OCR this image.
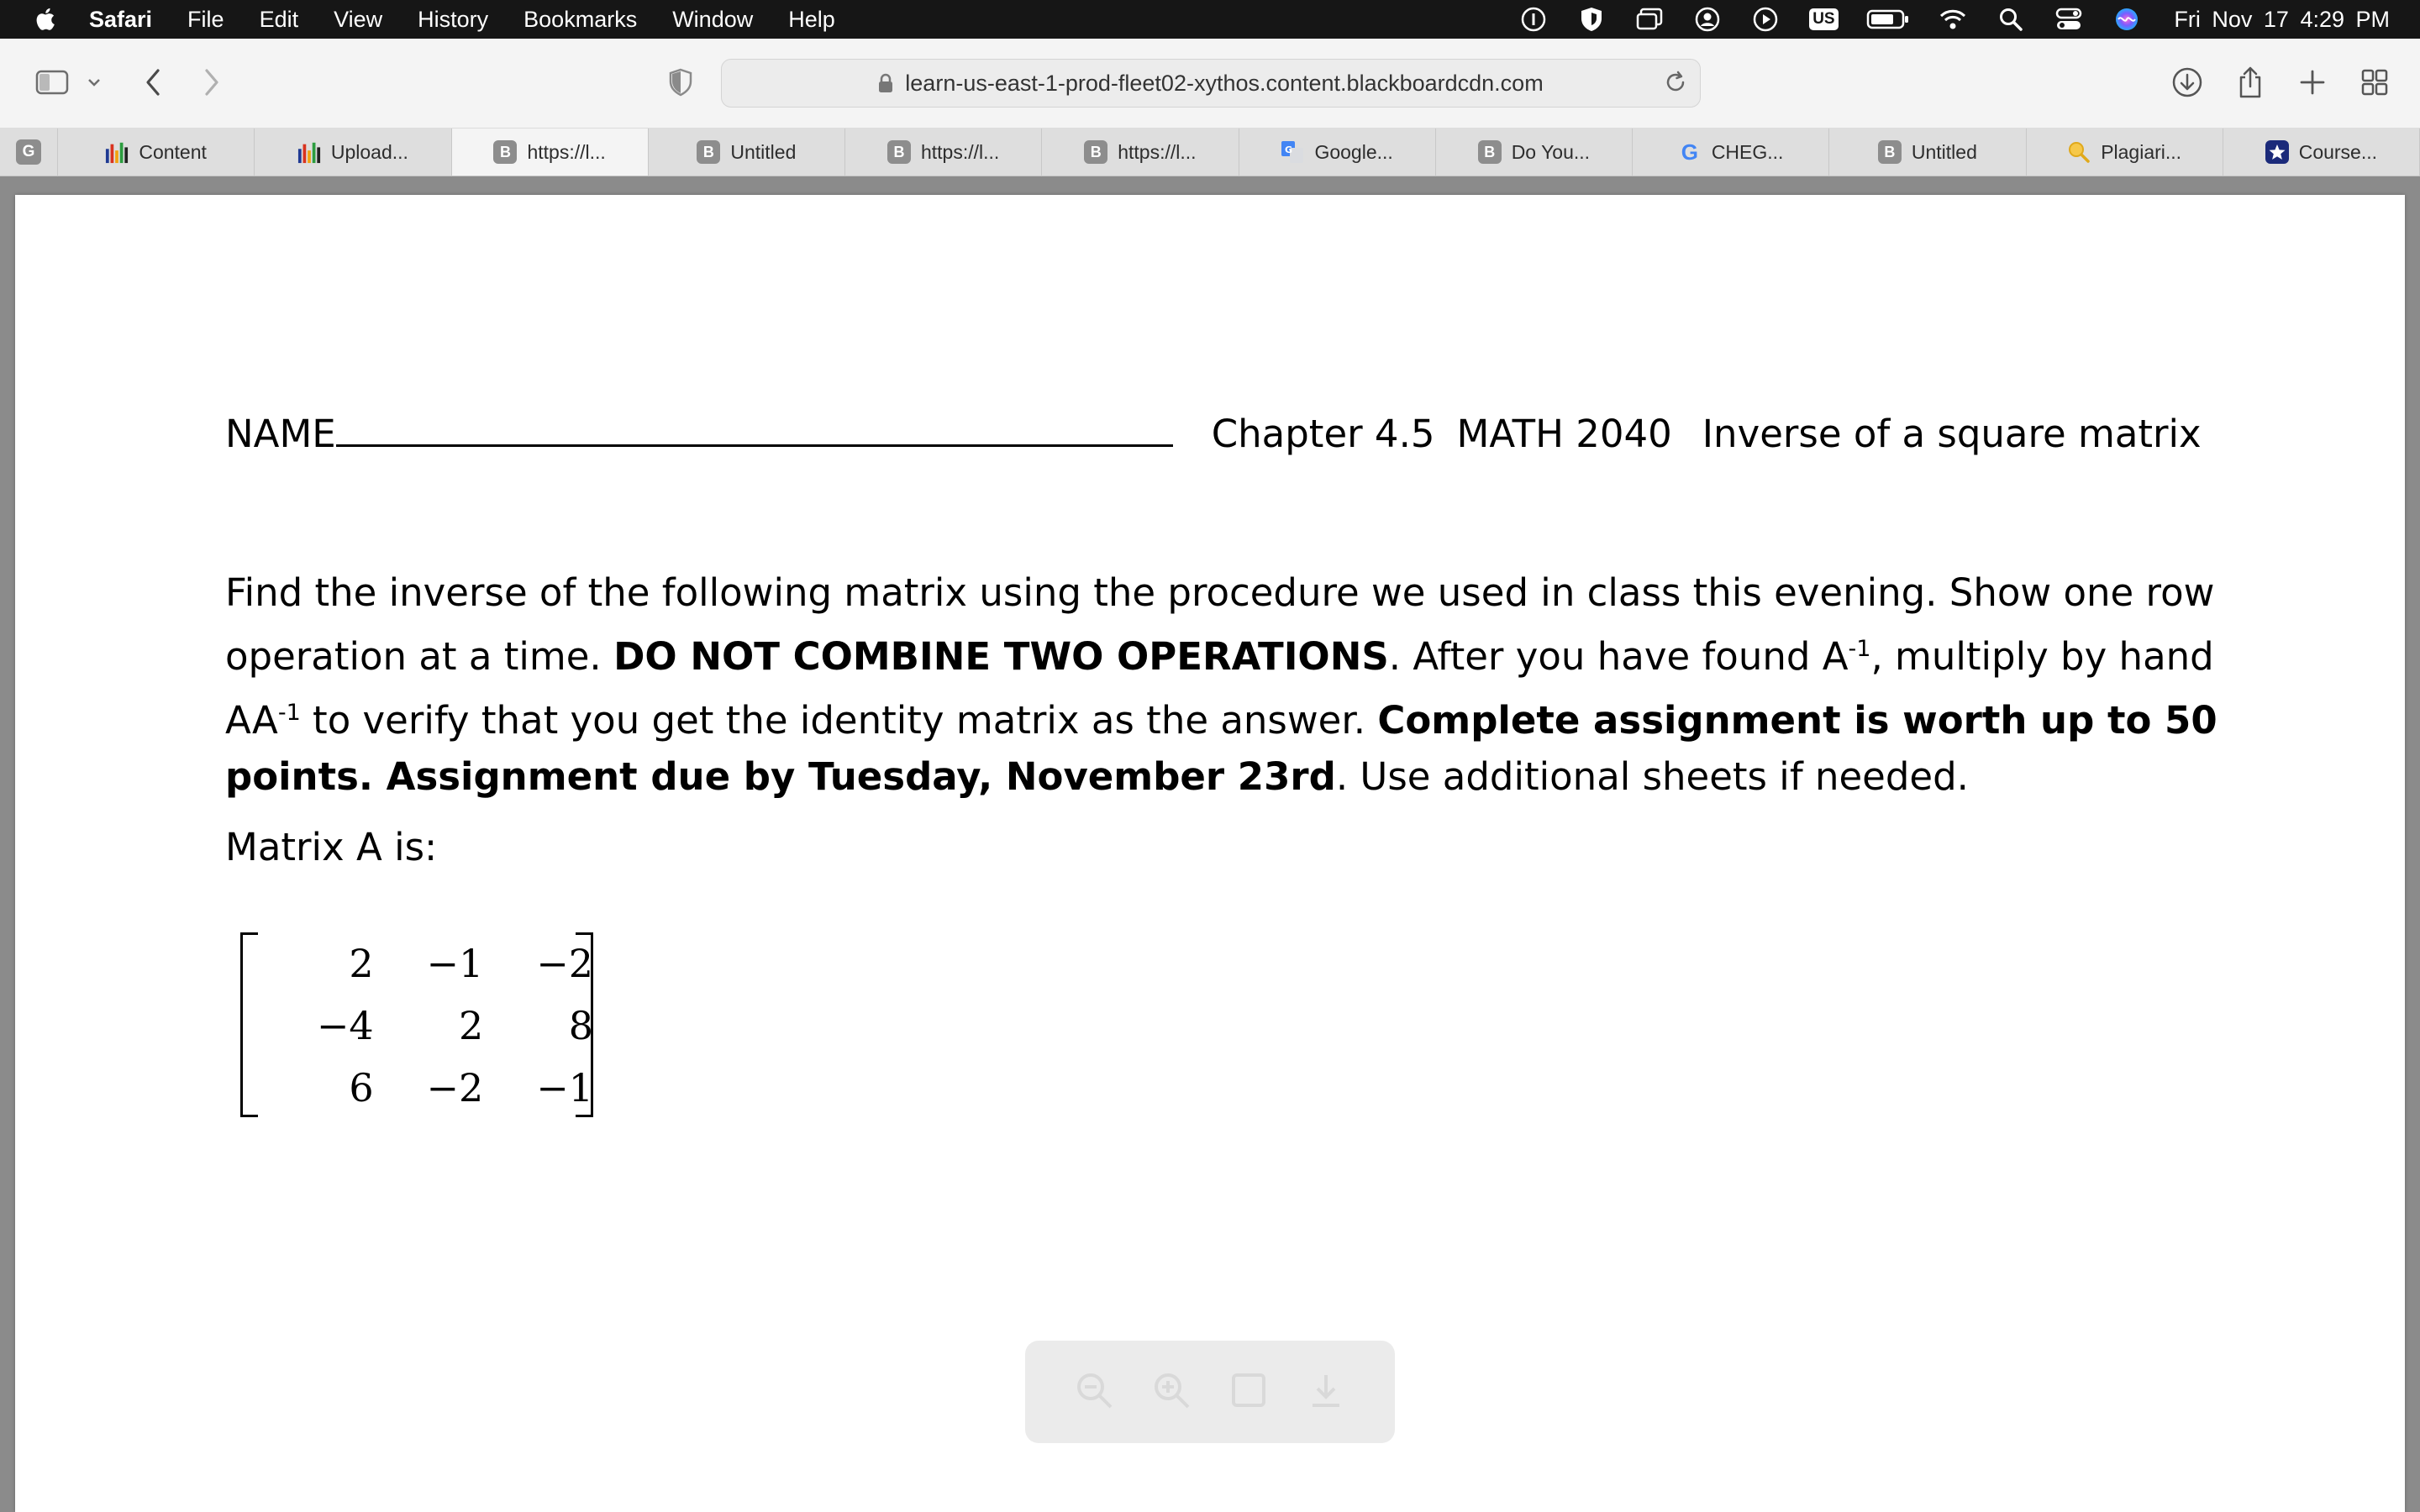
Safari File Edit View History Bookmarks Window Help	US	Fri Nov 17 4:29 PM
learn-us-east-1-prod-fleet02-xythos.content.blackboardcdn.com
G	Content	Upload...	B https://l...	B Untitled	B https://l...	B https://l...	G Google...	B Do You...	G CHEG...	B Untitled	Plagiari...	Course...
NAME	Chapter 4.5 MATH 2040 Inverse of a square matrix
Find the inverse of the following matrix using the procedure we used in class this evening. Show one row operation at a time. DO NOT COMBINE TWO OPERATIONS. After you have found $A^{-1}$, multiply by hand $AA^{-1}$ to verify that you get the identity matrix as the answer. Complete assignment is worth up to 50 points. Assignment due by Tuesday, November 23rd. Use additional sheets if needed.
Matrix A is:
2	−1	−2
−4	2	8
6	−2	−1
